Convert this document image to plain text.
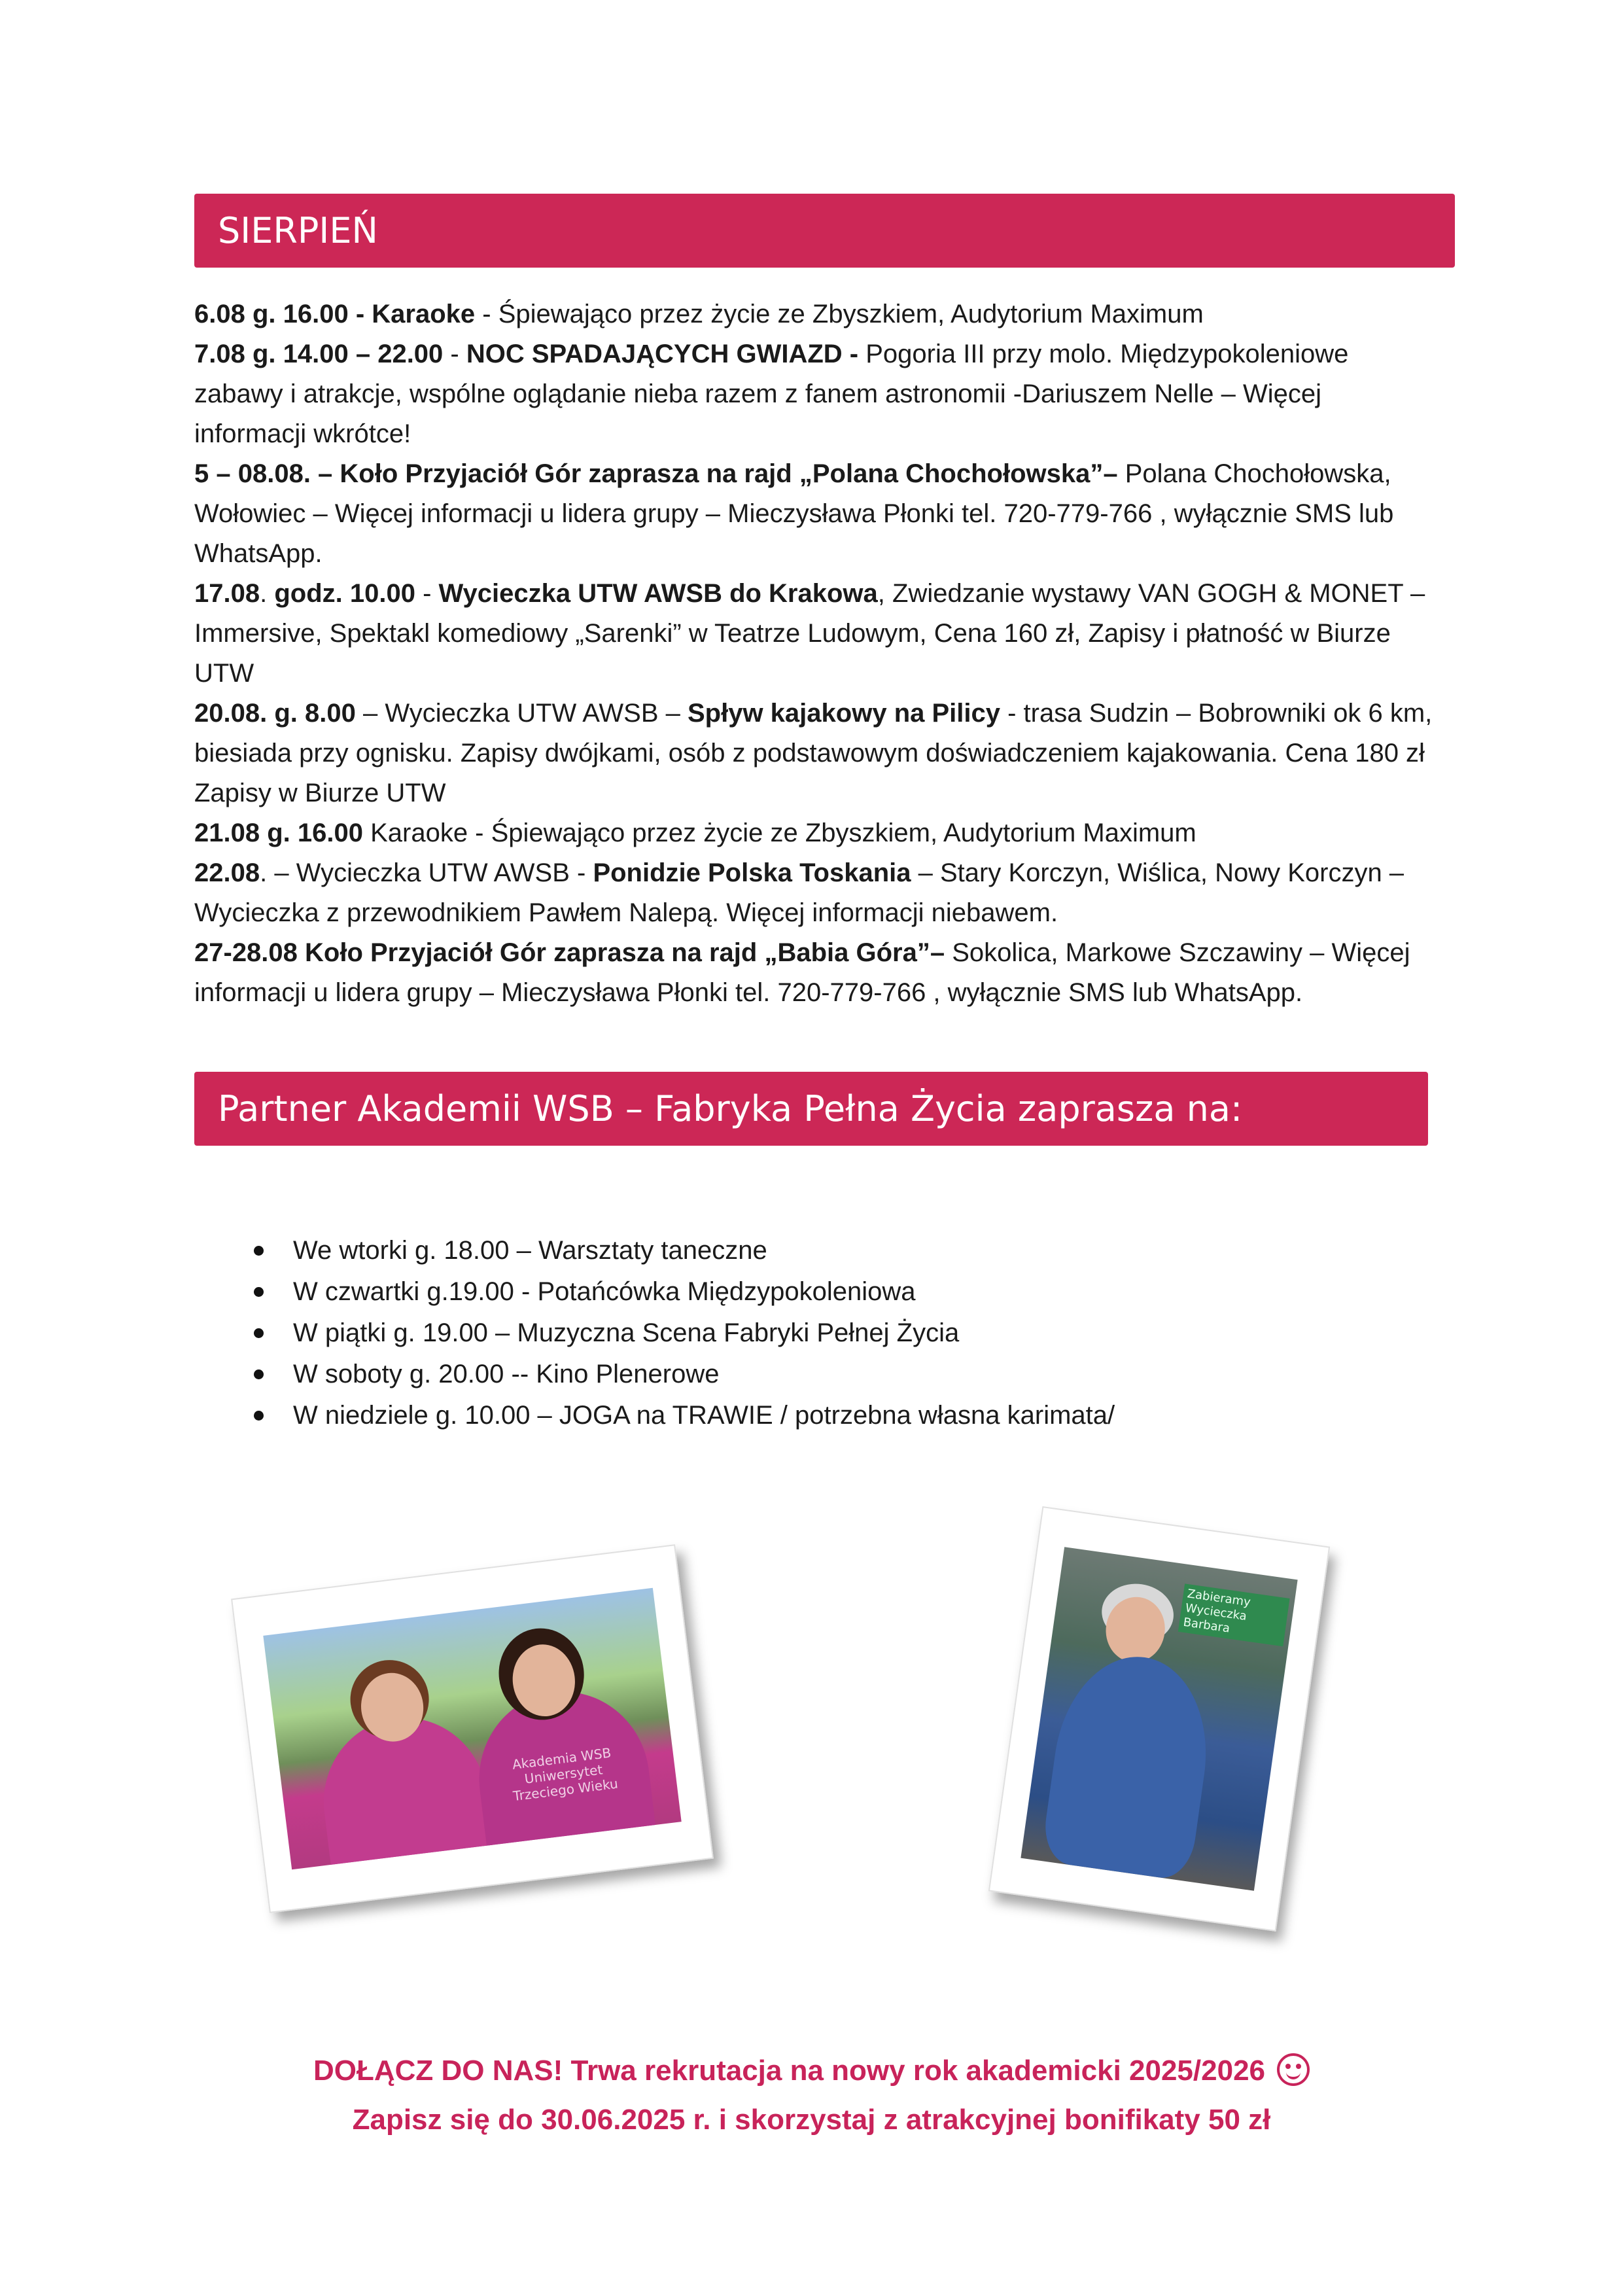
SIERPIEŃ

6.08 g. 16.00 - Karaoke - Śpiewająco przez życie ze Zbyszkiem, Audytorium Maximum

7.08 g. 14.00 – 22.00 - NOC SPADAJĄCYCH GWIAZD - Pogoria III przy molo. Międzypokoleniowe zabawy i atrakcje, wspólne oglądanie nieba razem z fanem astronomii -Dariuszem Nelle – Więcej informacji wkrótce!

5 – 08.08. – Koło Przyjaciół Gór zaprasza na rajd „Polana Chochołowska”– Polana Chochołowska, Wołowiec – Więcej informacji u lidera grupy – Mieczysława Płonki tel. 720-779-766 , wyłącznie SMS lub WhatsApp.

17.08. godz. 10.00 - Wycieczka UTW AWSB do Krakowa, Zwiedzanie wystawy VAN GOGH & MONET – Immersive, Spektakl komediowy „Sarenki” w Teatrze Ludowym, Cena 160 zł, Zapisy i płatność w Biurze UTW

20.08. g. 8.00 – Wycieczka UTW AWSB – Spływ kajakowy na Pilicy - trasa Sudzin – Bobrowniki ok 6 km, biesiada przy ognisku. Zapisy dwójkami, osób z podstawowym doświadczeniem kajakowania. Cena 180 zł Zapisy w Biurze UTW

21.08 g. 16.00 Karaoke - Śpiewająco przez życie ze Zbyszkiem, Audytorium Maximum

22.08. – Wycieczka UTW AWSB - Ponidzie Polska Toskania – Stary Korczyn, Wiślica, Nowy Korczyn – Wycieczka z przewodnikiem Pawłem Nalepą. Więcej informacji niebawem.

27-28.08 Koło Przyjaciół Gór zaprasza na rajd „Babia Góra”– Sokolica, Markowe Szczawiny – Więcej informacji u lidera grupy – Mieczysława Płonki tel. 720-779-766 , wyłącznie SMS lub WhatsApp.

Partner Akademii WSB – Fabryka Pełna Życia zaprasza na:
We wtorki g. 18.00 – Warsztaty taneczne
W czwartki g.19.00 - Potańcówka Międzypokoleniowa
W piątki g. 19.00 – Muzyczna Scena Fabryki Pełnej Życia
W soboty g. 20.00 -- Kino Plenerowe
W niedziele g. 10.00 – JOGA na TRAWIE / potrzebna własna karimata/
Akademia WSB
Uniwersytet
Trzeciego Wieku
Zabieramy
Wycieczka
Barbara
DOŁĄCZ DO NAS! Trwa rekrutacja na nowy rok akademicki 2025/2026
Zapisz się do 30.06.2025 r. i skorzystaj z atrakcyjnej bonifikaty 50 zł
